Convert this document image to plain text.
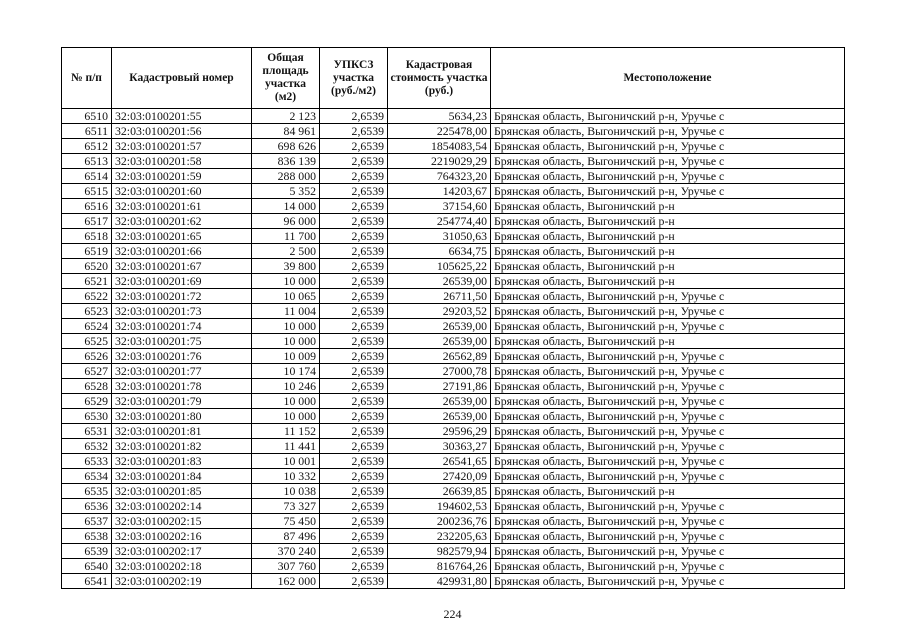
№ п/п	Кадастровый номер	Общая площадь участка (м2)	УПКСЗ участка (руб./м2)	Кадастровая стоимость участка (руб.)	Местоположение
6510	32:03:0100201:55	2 123	2,6539	5634,23	Брянская область, Выгоничский р-н, Уручье с
6511	32:03:0100201:56	84 961	2,6539	225478,00	Брянская область, Выгоничский р-н, Уручье с
6512	32:03:0100201:57	698 626	2,6539	1854083,54	Брянская область, Выгоничский р-н, Уручье с
6513	32:03:0100201:58	836 139	2,6539	2219029,29	Брянская область, Выгоничский р-н, Уручье с
6514	32:03:0100201:59	288 000	2,6539	764323,20	Брянская область, Выгоничский р-н, Уручье с
6515	32:03:0100201:60	5 352	2,6539	14203,67	Брянская область, Выгоничский р-н, Уручье с
6516	32:03:0100201:61	14 000	2,6539	37154,60	Брянская область, Выгоничский р-н
6517	32:03:0100201:62	96 000	2,6539	254774,40	Брянская область, Выгоничский р-н
6518	32:03:0100201:65	11 700	2,6539	31050,63	Брянская область, Выгоничский р-н
6519	32:03:0100201:66	2 500	2,6539	6634,75	Брянская область, Выгоничский р-н
6520	32:03:0100201:67	39 800	2,6539	105625,22	Брянская область, Выгоничский р-н
6521	32:03:0100201:69	10 000	2,6539	26539,00	Брянская область, Выгоничский р-н
6522	32:03:0100201:72	10 065	2,6539	26711,50	Брянская область, Выгоничский р-н, Уручье с
6523	32:03:0100201:73	11 004	2,6539	29203,52	Брянская область, Выгоничский р-н, Уручье с
6524	32:03:0100201:74	10 000	2,6539	26539,00	Брянская область, Выгоничский р-н, Уручье с
6525	32:03:0100201:75	10 000	2,6539	26539,00	Брянская область, Выгоничский р-н
6526	32:03:0100201:76	10 009	2,6539	26562,89	Брянская область, Выгоничский р-н, Уручье с
6527	32:03:0100201:77	10 174	2,6539	27000,78	Брянская область, Выгоничский р-н, Уручье с
6528	32:03:0100201:78	10 246	2,6539	27191,86	Брянская область, Выгоничский р-н, Уручье с
6529	32:03:0100201:79	10 000	2,6539	26539,00	Брянская область, Выгоничский р-н, Уручье с
6530	32:03:0100201:80	10 000	2,6539	26539,00	Брянская область, Выгоничский р-н, Уручье с
6531	32:03:0100201:81	11 152	2,6539	29596,29	Брянская область, Выгоничский р-н, Уручье с
6532	32:03:0100201:82	11 441	2,6539	30363,27	Брянская область, Выгоничский р-н, Уручье с
6533	32:03:0100201:83	10 001	2,6539	26541,65	Брянская область, Выгоничский р-н, Уручье с
6534	32:03:0100201:84	10 332	2,6539	27420,09	Брянская область, Выгоничский р-н, Уручье с
6535	32:03:0100201:85	10 038	2,6539	26639,85	Брянская область, Выгоничский р-н
6536	32:03:0100202:14	73 327	2,6539	194602,53	Брянская область, Выгоничский р-н, Уручье с
6537	32:03:0100202:15	75 450	2,6539	200236,76	Брянская область, Выгоничский р-н, Уручье с
6538	32:03:0100202:16	87 496	2,6539	232205,63	Брянская область, Выгоничский р-н, Уручье с
6539	32:03:0100202:17	370 240	2,6539	982579,94	Брянская область, Выгоничский р-н, Уручье с
6540	32:03:0100202:18	307 760	2,6539	816764,26	Брянская область, Выгоничский р-н, Уручье с
6541	32:03:0100202:19	162 000	2,6539	429931,80	Брянская область, Выгоничский р-н, Уручье с
224
